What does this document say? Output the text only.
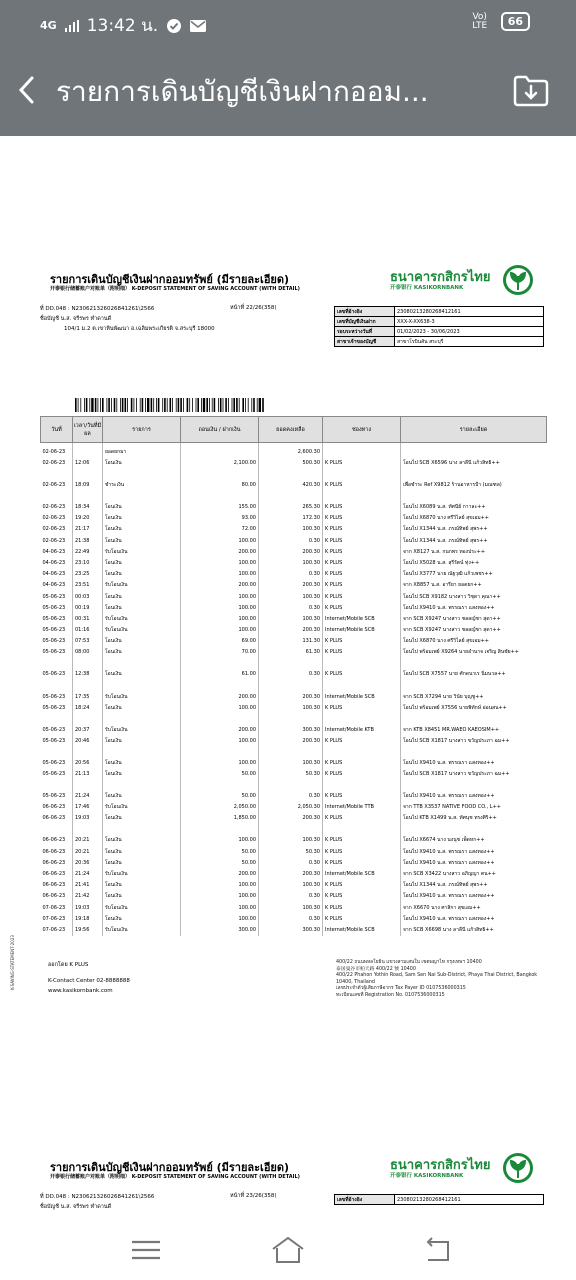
4G 13:42 น.	Vo) LTE	66
รายการเดินบัญชีเงินฝากออม...
รายการเดินบัญชีเงินฝากออมทรัพย์ (มีรายละเอียด)
开泰银行储蓄账户对账单（附明细） K-DEPOSIT STATEMENT OF SAVING ACCOUNT (WITH DETAIL)
ธนาคารกสิกรไทย
开泰银行 KASIKORNBANK
ที่ DD.048 : N230621326026841261\2566
ชื่อบัญชี น.ส. จรีรพร ทำดานดี
104/1 ม.2 ต.เขาหินพัฒนา อ.เฉลิมพระเกียรติ จ.สระบุรี 18000
หน้าที่ 22/26(358)
เลขที่อ้างอิง	230802132802684121​61
เลขที่บัญชีเงินฝาก	XXX-X-XX638-3
รอบระหว่างวันที่	01/02/2023 - 30/06/2023
สาขาเจ้าของบัญชี	สาขาโรบินสัน สระบุรี
วันที่	เวลา/วันที่มีผล	รายการ	ถอนเงิน / ฝากเงิน	ยอดคงเหลือ	ช่องทาง	รายละเอียด
02-06-23		ยอดยกมา		2,600.30		
02-06-23	12:06	โอนเงิน	2,100.00	500.30	K PLUS	โอนไป SCB X6596 นาง ลาลีนี แก้วสิทธิ++
02-06-23	18:09	ชำระเงิน	80.00	420.30	K PLUS	เพื่อชำระ Ref X9812 ร้านอาหารป้า (มณฑล)
02-06-23	18:34	โอนเงิน	155.00	265.30	K PLUS	โอนไป X6089 น.ส. ทัศนีย์ กาาละ++
02-06-23	19:20	โอนเงิน	93.00	172.30	K PLUS	โอนไป X6870 นาง ศรีวิไลย์ สุขเอม++
02-06-23	21:17	โอนเงิน	72.00	100.30	K PLUS	โอนไป X1344 น.ส. ภรณ์ทิพย์ สุพร++
02-06-23	21:38	โอนเงิน	100.00	0.30	K PLUS	โอนไป X1344 น.ส. ภรณ์ทิพย์ สุพร++
04-06-23	22:49	รับโอนเงิน	200.00	200.30	K PLUS	จาก X8127 น.ส. กนกพร ทองประ++
04-06-23	23:10	โอนเงิน	100.00	100.30	K PLUS	โอนไป X5028 น.ส. สุรีรัตน์ ทุ่ง++
04-06-23	23:25	โอนเงิน	100.00	0.30	K PLUS	โอนไป X3777 นาย ณัฐวุฒิ แก้วเพชร++
04-06-23	23:51	รับโอนเงิน	200.00	200.30	K PLUS	จาก X8857 น.ส. อารียา ยอดยก++
05-06-23	00:03	โอนเงิน	100.00	100.30	K PLUS	โอนไป SCB X9182 นางสาว วิชุดา คุณา++
05-06-23	00:19	โอนเงิน	100.00	0.30	K PLUS	โอนไป X9410 น.ส. พรรณรา แสงทอง++
05-06-23	00:31	รับโอนเงิน	100.00	100.30	Internet/Mobile SCB	จาก SCB X9247 นางสาว ชลลญ์ชา สุดา++
05-06-23	01:16	รับโอนเงิน	100.00	200.30	Internet/Mobile SCB	จาก SCB X9247 นางสาว ชลลญ์ชา สุดา++
05-06-23	07:53	โอนเงิน	69.00	131.30	K PLUS	โอนไป X6870 นาง ศรีวิไลย์ สุขเอม++
05-06-23	08:00	โอนเงิน	70.00	61.30	K PLUS	โอนไป พร้อมเพย์ X9264 นายอำนาจ เจริญ สินชัย++
05-06-23	12:38	โอนเงิน	61.00	0.30	K PLUS	โอนไป SCB X7557 นาย ศักดนาเร นิ่มนวล++
05-06-23	17:35	รับโอนเงิน	200.00	200.30	Internet/Mobile SCB	จาก SCB X7294 นาย วินัย บุญชู++
05-06-23	18:24	โอนเงิน	100.00	100.30	K PLUS	โอนไป พร้อมเพย์ X7556 นายพิทักษ์ อ่อนสน++
05-06-23	20:37	รับโอนเงิน	200.00	300.30	Internet/Mobile KTB	จาก KTB X8451 MR.WAEO KAEOSIM++
05-06-23	20:46	โอนเงิน	100.00	200.30	K PLUS	โอนไป SCB X1817 นางสาว ขวัญประภา ฉม++
05-06-23	20:56	โอนเงิน	100.00	100.30	K PLUS	โอนไป X9410 น.ส. พรรณรา แสงทอง++
05-06-23	21:13	โอนเงิน	50.00	50.30	K PLUS	โอนไป SCB X1817 นางสาว ขวัญประภา ฉม++
05-06-23	21:24	โอนเงิน	50.00	0.30	K PLUS	โอนไป X9410 น.ส. พรรณรา แสงทอง++
06-06-23	17:46	รับโอนเงิน	2,050.00	2,050.30	Internet/Mobile TTB	จาก TTB X3537 NATIVE FOOD CO., L++
06-06-23	19:03	โอนเงิน	1,850.00	200.30	K PLUS	โอนไป KTB X1499 น.ส. ทัศนุช ทรงศิริ++
06-06-23	20:21	โอนเงิน	100.00	100.30	K PLUS	โอนไป X6674 นาง นงนุช เพ็ดหก++
06-06-23	20:21	โอนเงิน	50.00	50.30	K PLUS	โอนไป X9410 น.ส. พรรณรา แสงทอง++
06-06-23	20:36	โอนเงิน	50.00	0.30	K PLUS	โอนไป X9410 น.ส. พรรณรา แสงทอง++
06-06-23	21:24	รับโอนเงิน	200.00	200.30	Internet/Mobile SCB	จาก SCB X3422 นางสาว อภิญญา ตน++
06-06-23	21:41	โอนเงิน	100.00	100.30	K PLUS	โอนไป X1344 น.ส. ภรณ์ทิพย์ สุพร++
06-06-23	21:42	โอนเงิน	100.00	0.30	K PLUS	โอนไป X9410 น.ส. พรรณรา แสงทอง++
07-06-23	19:03	รับโอนเงิน	100.00	100.30	K PLUS	จาก X6670 นาง ศาสิกา สุขเอม++
07-06-23	19:18	โอนเงิน	100.00	0.30	K PLUS	โอนไป X9410 น.ส. พรรณรา แสงทอง++
07-06-23	19:56	รับโอนเงิน	300.00	300.30	Internet/Mobile SCB	จาก SCB X6698 นาง ลาลีนี แก้วสิทธิ++
ออกโดย K PLUS
K-Contact Center 02-8888888
www.kasikornbank.com
400/22 ถนนพหลโยธิน แขวงสามเสนใน เขตพญาไท กรุงเทพฯ 10400
泰国曼谷市帕天路 400/22 號 10400
400/22 Phahon Yothin Road, Sam Sen Nai Sub-District, Phaya Thai District, Bangkok 10400, Thailand
เลขประจำตัวผู้เสียภาษีอากร Tax Payer ID 0107536000315
ทะเบียนเลขที่ Registration No. 0107536000315
K-SAVING-STATEMENT-2023
รายการเดินบัญชีเงินฝากออมทรัพย์ (มีรายละเอียด)
开泰银行储蓄账户对账单（附明细） K-DEPOSIT STATEMENT OF SAVING ACCOUNT (WITH DETAIL)
ธนาคารกสิกรไทย
开泰银行 KASIKORNBANK
ที่ DD.048 : N230621326026841261\2566
ชื่อบัญชี น.ส. จรีรพร ทำดานดี
หน้าที่ 23/26(358)
เลขที่อ้างอิง	230802132802684121​61
